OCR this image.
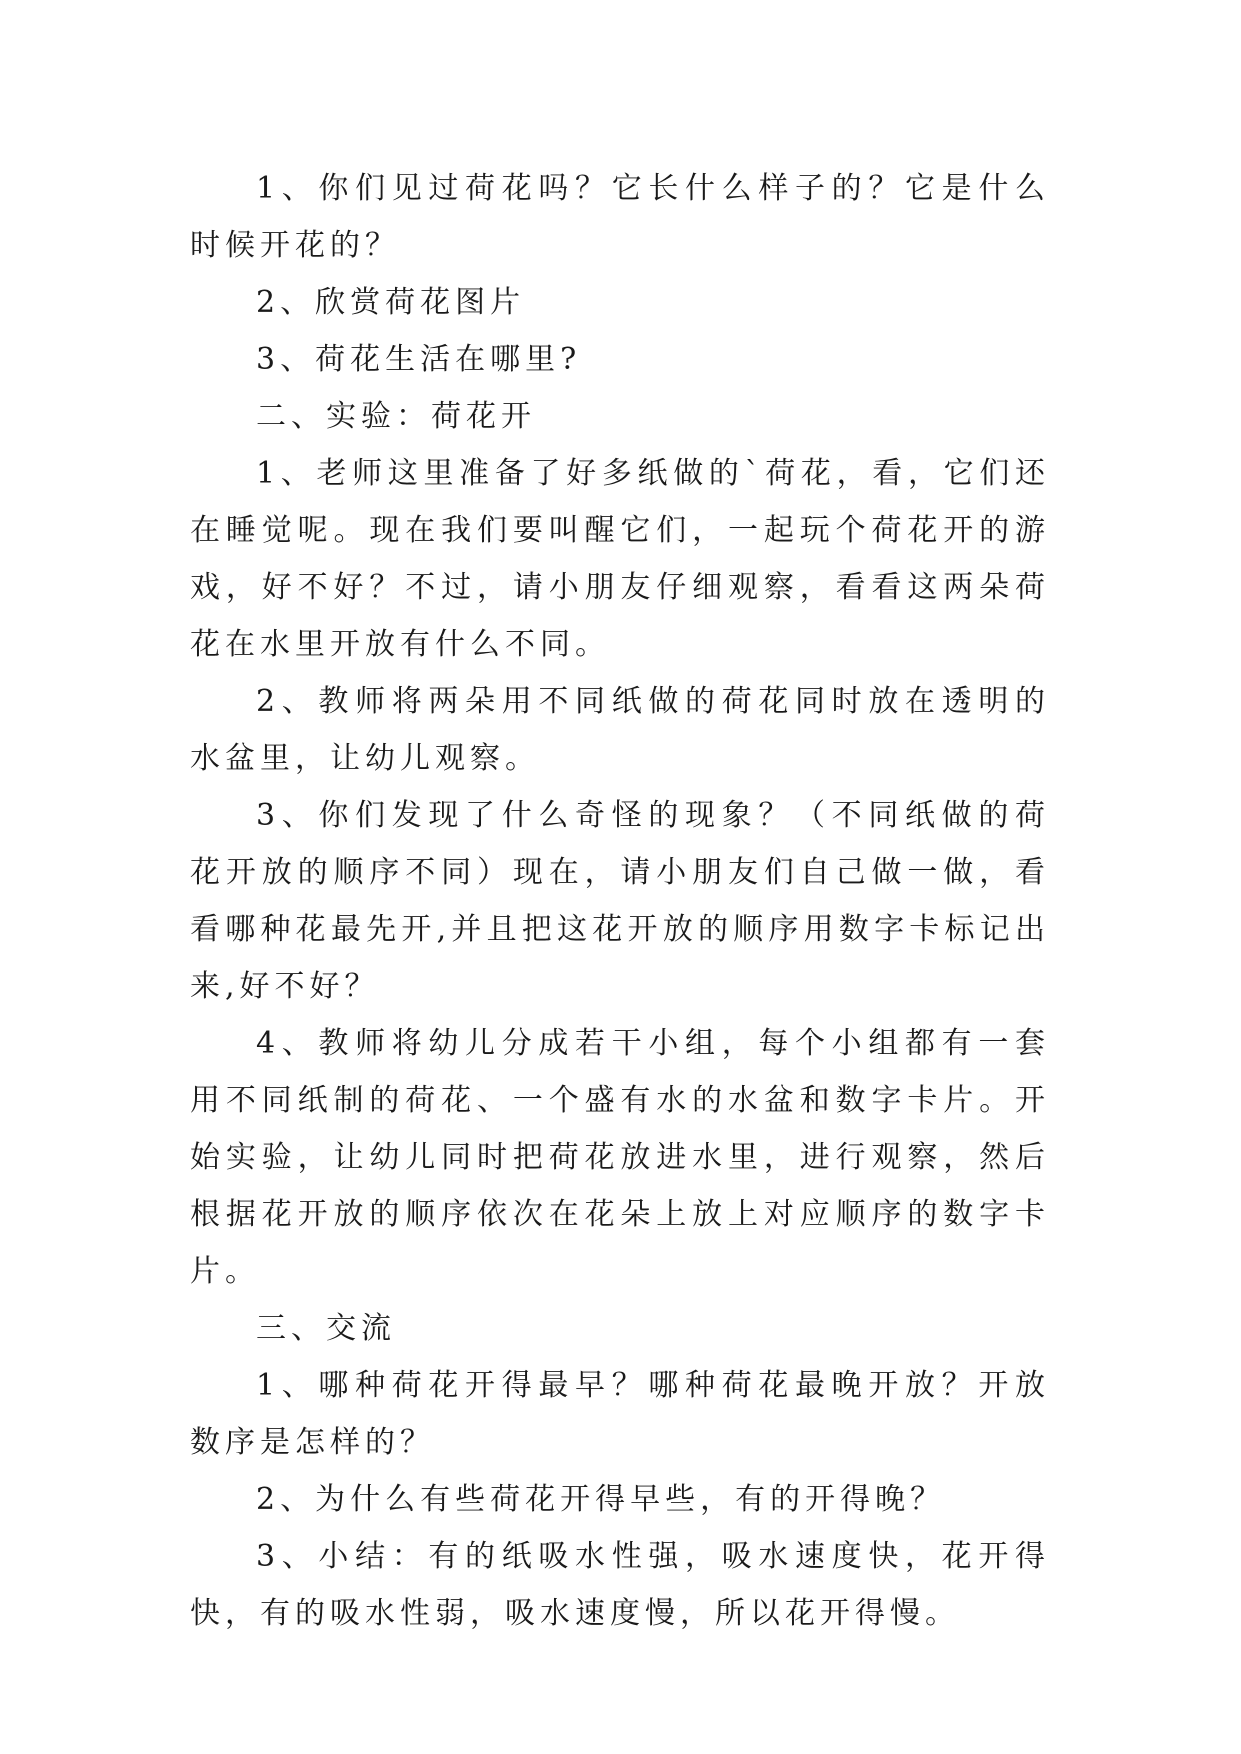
1、你们见过荷花吗？它长什么样子的？它是什么时候开花的？

2、欣赏荷花图片

3、荷花生活在哪里?

二、实验：荷花开

1、老师这里准备了好多纸做的`荷花，看，它们还在睡觉呢。现在我们要叫醒它们，一起玩个荷花开的游戏，好不好？不过，请小朋友仔细观察，看看这两朵荷花在水里开放有什么不同。

2、教师将两朵用不同纸做的荷花同时放在透明的水盆里，让幼儿观察。

3、你们发现了什么奇怪的现象？（不同纸做的荷花开放的顺序不同）现在，请小朋友们自己做一做，看看哪种花最先开,并且把这花开放的顺序用数字卡标记出来,好不好？

4、教师将幼儿分成若干小组，每个小组都有一套用不同纸制的荷花、一个盛有水的水盆和数字卡片。开始实验，让幼儿同时把荷花放进水里，进行观察，然后根据花开放的顺序依次在花朵上放上对应顺序的数字卡片。

三、交流

1、哪种荷花开得最早？哪种荷花最晚开放？开放数序是怎样的？

2、为什么有些荷花开得早些，有的开得晚？

3、小结：有的纸吸水性强，吸水速度快，花开得快，有的吸水性弱，吸水速度慢，所以花开得慢。
